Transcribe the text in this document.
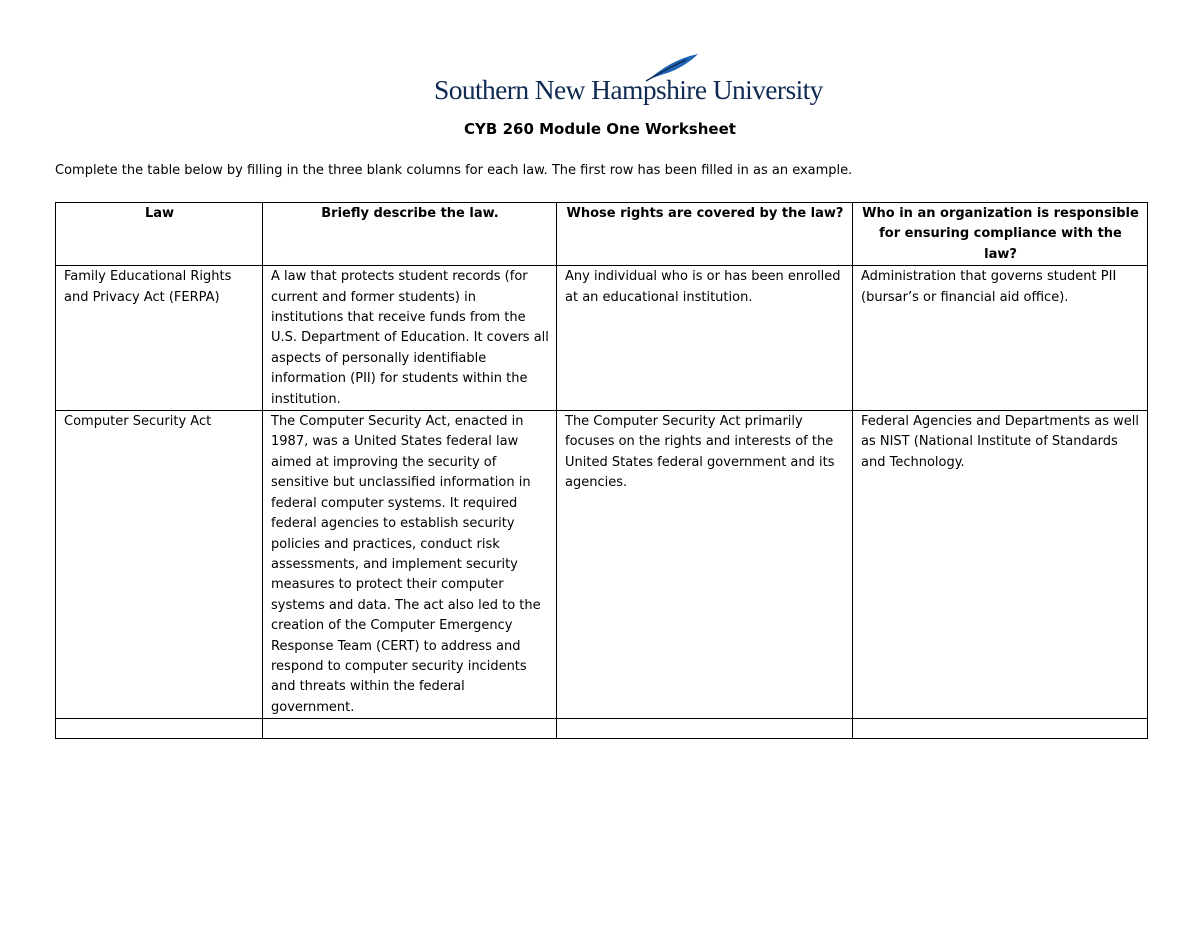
Southern New Hampshire University
CYB 260 Module One Worksheet
Complete the table below by filling in the three blank columns for each law. The first row has been filled in as an example.
Law	Briefly describe the law.	Whose rights are covered by the law?	Who in an organization is responsible for ensuring compliance with the law?
Family Educational Rights and Privacy Act (FERPA)	A law that protects student records (for current and former students) in institutions that receive funds from the U.S. Department of Education. It covers all aspects of personally identifiable information (PII) for students within the institution.	Any individual who is or has been enrolled at an educational institution.	Administration that governs student PII (bursar’s or financial aid office).
Computer Security Act	The Computer Security Act, enacted in 1987, was a United States federal law aimed at improving the security of sensitive but unclassified information in federal computer systems. It required federal agencies to establish security policies and practices, conduct risk assessments, and implement security measures to protect their computer systems and data. The act also led to the creation of the Computer Emergency Response Team (CERT) to address and respond to computer security incidents and threats within the federal government.	The Computer Security Act primarily focuses on the rights and interests of the United States federal government and its agencies.	Federal Agencies and Departments as well as NIST (National Institute of Standards and Technology.
